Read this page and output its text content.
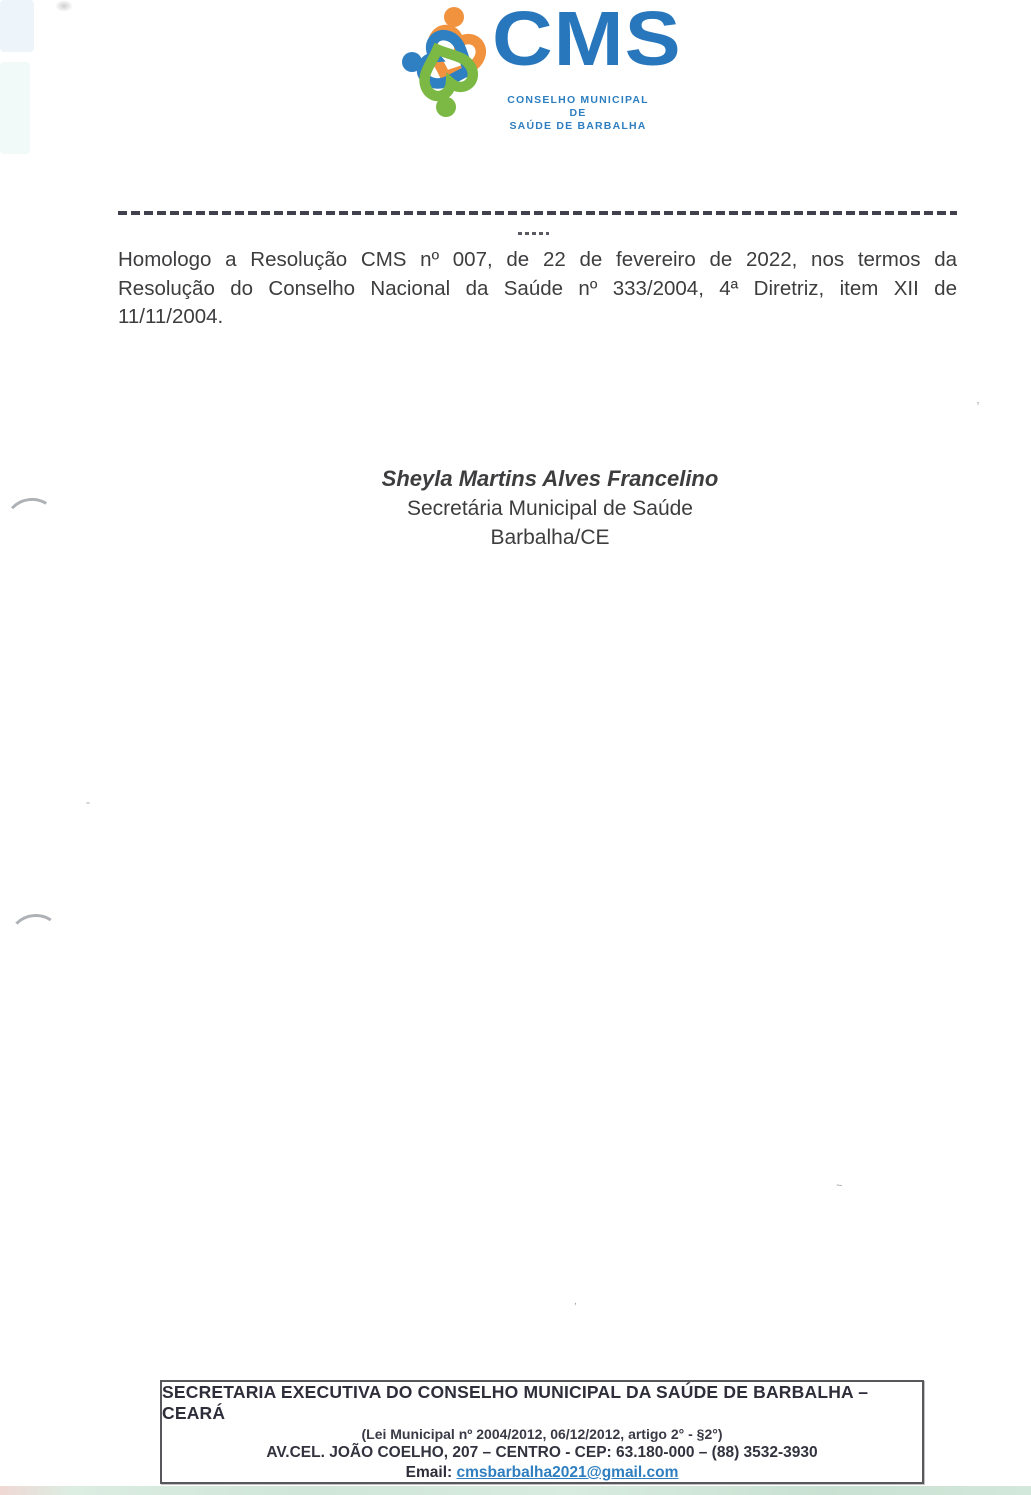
﹐
-
~
,
CMS
CONSELHO MUNICIPAL DE
SAÚDE DE BARBALHA
Homologo a Resolução CMS nº 007, de 22 de fevereiro de 2022, nos termos da
Resolução do Conselho Nacional da Saúde nº 333/2004, 4ª Diretriz, item XII de
11/11/2004.
Sheyla Martins Alves Francelino
Secretária Municipal de Saúde
Barbalha/CE
SECRETARIA EXECUTIVA DO CONSELHO MUNICIPAL DA SAÚDE DE BARBALHA – CEARÁ
(Lei Municipal nº 2004/2012, 06/12/2012, artigo 2° - §2°)
AV.CEL. JOÃO COELHO, 207 – CENTRO - CEP: 63.180-000 – (88) 3532-3930
Email: cmsbarbalha2021@gmail.com
